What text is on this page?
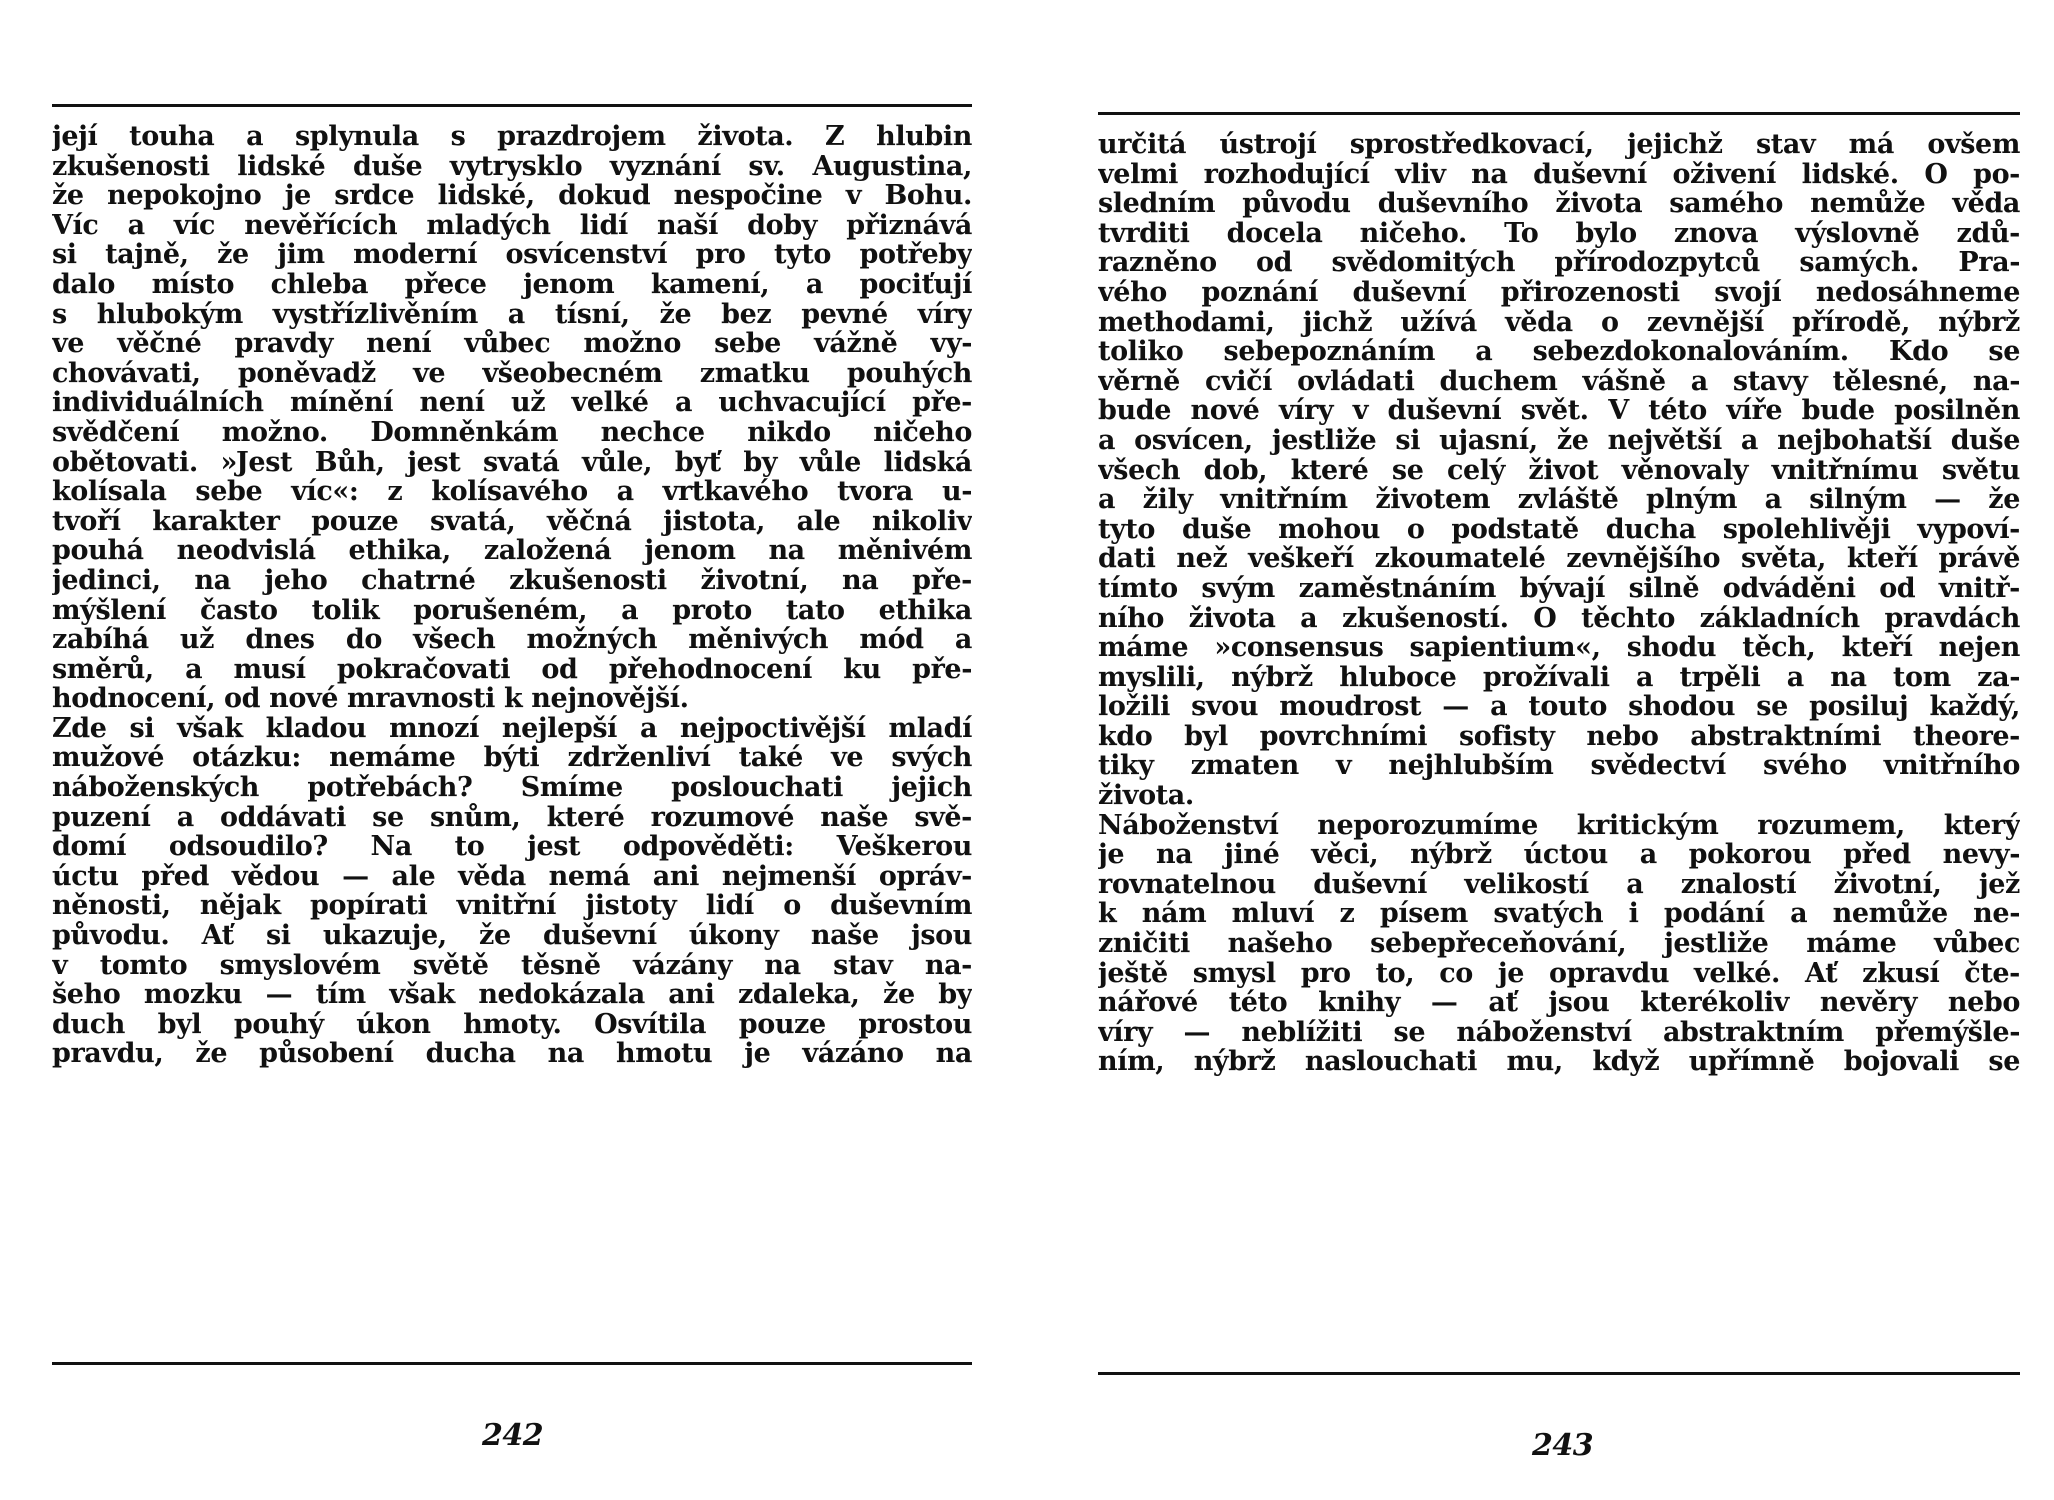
její touha a splynula s prazdrojem života. Z hlubin
zkušenosti lidské duše vytrysklo vyznání sv. Augustina,
že nepokojno je srdce lidské, dokud nespočine v Bohu.
Víc a víc nevěřících mladých lidí naší doby přiznává
si tajně, že jim moderní osvícenství pro tyto potřeby
dalo místo chleba přece jenom kamení, a pociťují
s hlubokým vystřízlivěním a tísní, že bez pevné víry
ve věčné pravdy není vůbec možno sebe vážně vy-
chovávati, poněvadž ve všeobecném zmatku pouhých
individuálních mínění není už velké a uchvacující pře-
svědčení možno. Domněnkám nechce nikdo ničeho
obětovati. »Jest Bůh, jest svatá vůle, byť by vůle lidská
kolísala sebe víc«: z kolísavého a vrtkavého tvora u-
tvoří karakter pouze svatá, věčná jistota, ale nikoliv
pouhá neodvislá ethika, založená jenom na měnivém
jedinci, na jeho chatrné zkušenosti životní, na pře-
mýšlení často tolik porušeném, a proto tato ethika
zabíhá už dnes do všech možných měnivých mód a
směrů, a musí pokračovati od přehodnocení ku pře-
hodnocení, od nové mravnosti k nejnovější.
Zde si však kladou mnozí nejlepší a nejpoctivější mladí
mužové otázku: nemáme býti zdrženliví také ve svých
náboženských potřebách? Smíme poslouchati jejich
puzení a oddávati se snům, které rozumové naše svě-
domí odsoudilo? Na to jest odpověděti: Veškerou
úctu před vědou — ale věda nemá ani nejmenší opráv-
něnosti, nějak popírati vnitřní jistoty lidí o duševním
původu. Ať si ukazuje, že duševní úkony naše jsou
v tomto smyslovém světě těsně vázány na stav na-
šeho mozku — tím však nedokázala ani zdaleka, že by
duch byl pouhý úkon hmoty. Osvítila pouze prostou
pravdu, že působení ducha na hmotu je vázáno na

242

určitá ústrojí sprostředkovací, jejichž stav má ovšem
velmi rozhodující vliv na duševní oživení lidské. O po-
sledním původu duševního života samého nemůže věda
tvrditi docela ničeho. To bylo znova výslovně zdů-
razněno od svědomitých přírodozpytců samých. Pra-
vého poznání duševní přirozenosti svojí nedosáhneme
methodami, jichž užívá věda o zevnější přírodě, nýbrž
toliko sebepoznáním a sebezdokonalováním. Kdo se
věrně cvičí ovládati duchem vášně a stavy tělesné, na-
bude nové víry v duševní svět. V této víře bude posilněn
a osvícen, jestliže si ujasní, že největší a nejbohatší duše
všech dob, které se celý život věnovaly vnitřnímu světu
a žily vnitřním životem zvláště plným a silným — že
tyto duše mohou o podstatě ducha spolehlivěji vypoví-
dati než veškeří zkoumatelé zevnějšího světa, kteří právě
tímto svým zaměstnáním bývají silně odváděni od vnitř-
ního života a zkušeností. O těchto základních pravdách
máme »consensus sapientium«, shodu těch, kteří nejen
myslili, nýbrž hluboce prožívali a trpěli a na tom za-
ložili svou moudrost — a touto shodou se posiluj každý,
kdo byl povrchními sofisty nebo abstraktními theore-
tiky zmaten v nejhlubším svědectví svého vnitřního
života.
Náboženství neporozumíme kritickým rozumem, který
je na jiné věci, nýbrž úctou a pokorou před nevy-
rovnatelnou duševní velikostí a znalostí životní, jež
k nám mluví z písem svatých i podání a nemůže ne-
zničiti našeho sebepřeceňování, jestliže máme vůbec
ještě smysl pro to, co je opravdu velké. Ať zkusí čte-
nářové této knihy — ať jsou kterékoliv nevěry nebo
víry — neblížiti se náboženství abstraktním přemýšle-
ním, nýbrž naslouchati mu, když upřímně bojovali se

243
